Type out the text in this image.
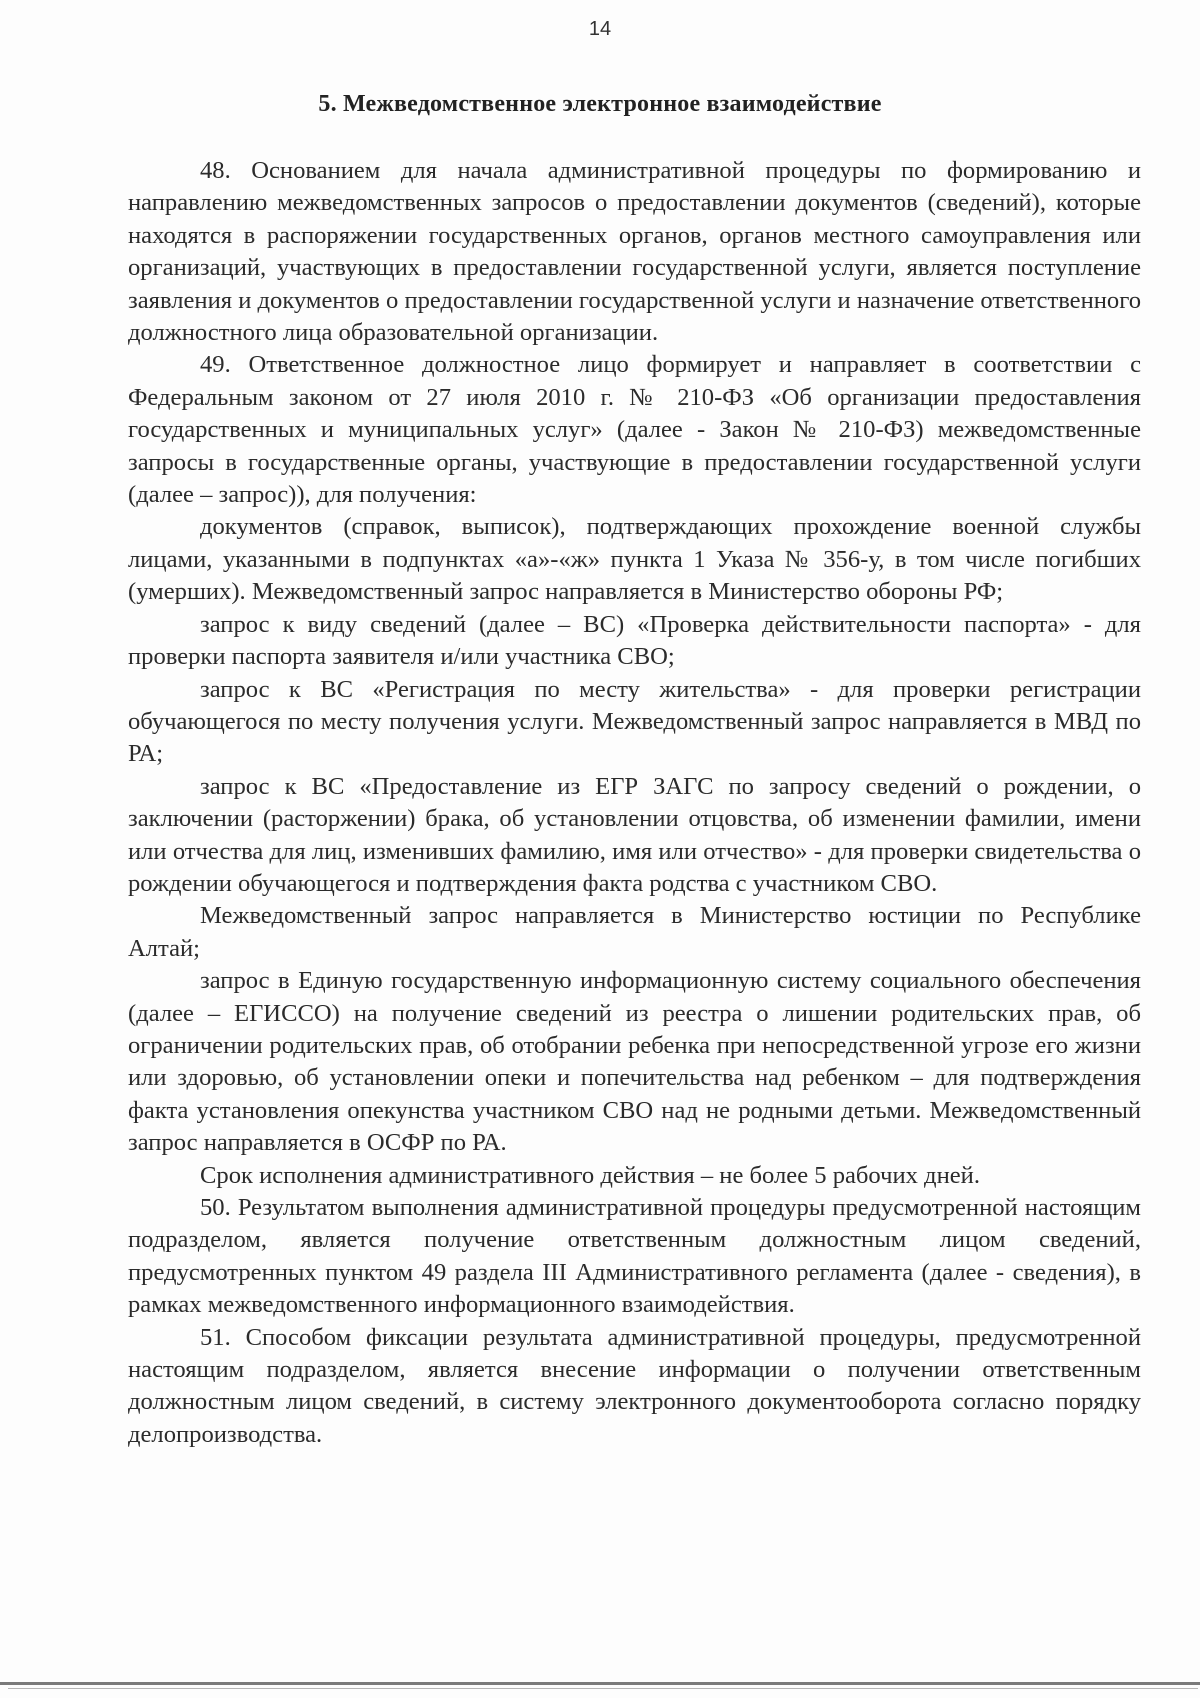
14
5. Межведомственное электронное взаимодействие

48. Основанием для начала административной процедуры по формированию и направлению межведомственных запросов о предоставлении документов (сведений), которые находятся в распоряжении государственных органов, органов местного самоуправления или организаций, участвующих в предоставлении государственной услуги, является поступление заявления и документов о предоставлении государственной услуги и назначение ответственного должностного лица образовательной организации.

49. Ответственное должностное лицо формирует и направляет в соответствии с Федеральным законом от 27 июля 2010 г. № 210-ФЗ «Об организации предоставления государственных и муниципальных услуг» (далее - Закон № 210-ФЗ) межведомственные запросы в государственные органы, участвующие в предоставлении государственной услуги (далее – запрос)), для получения:

документов (справок, выписок), подтверждающих прохождение военной службы лицами, указанными в подпунктах «а»-«ж» пункта 1 Указа № 356-у, в том числе погибших (умерших). Межведомственный запрос направляется в Министерство обороны РФ;

запрос к виду сведений (далее – ВС) «Проверка действительности паспорта» - для проверки паспорта заявителя и/или участника СВО;

запрос к ВС «Регистрация по месту жительства» - для проверки регистрации обучающегося по месту получения услуги. Межведомственный запрос направляется в МВД по РА;

запрос к ВС «Предоставление из ЕГР ЗАГС по запросу сведений о рождении, о заключении (расторжении) брака, об установлении отцовства, об изменении фамилии, имени или отчества для лиц, изменивших фамилию, имя или отчество» - для проверки свидетельства о рождении обучающегося и подтверждения факта родства с участником СВО.

Межведомственный запрос направляется в Министерство юстиции по Республике Алтай;

запрос в Единую государственную информационную систему социального обеспечения (далее – ЕГИССО) на получение сведений из реестра о лишении родительских прав, об ограничении родительских прав, об отобрании ребенка при непосредственной угрозе его жизни или здоровью, об установлении опеки и попечительства над ребенком – для подтверждения факта установления опекунства участником СВО над не родными детьми. Межведомственный запрос направляется в ОСФР по РА.

Срок исполнения административного действия – не более 5 рабочих дней.

50. Результатом выполнения административной процедуры предусмотренной настоящим подразделом, является получение ответственным должностным лицом сведений, предусмотренных пунктом 49 раздела III Административного регламента (далее - сведения), в рамках межведомственного информационного взаимодействия.

51. Способом фиксации результата административной процедуры, предусмотренной настоящим подразделом, является внесение информации о получении ответственным должностным лицом сведений, в систему электронного документооборота согласно порядку делопроизводства.
